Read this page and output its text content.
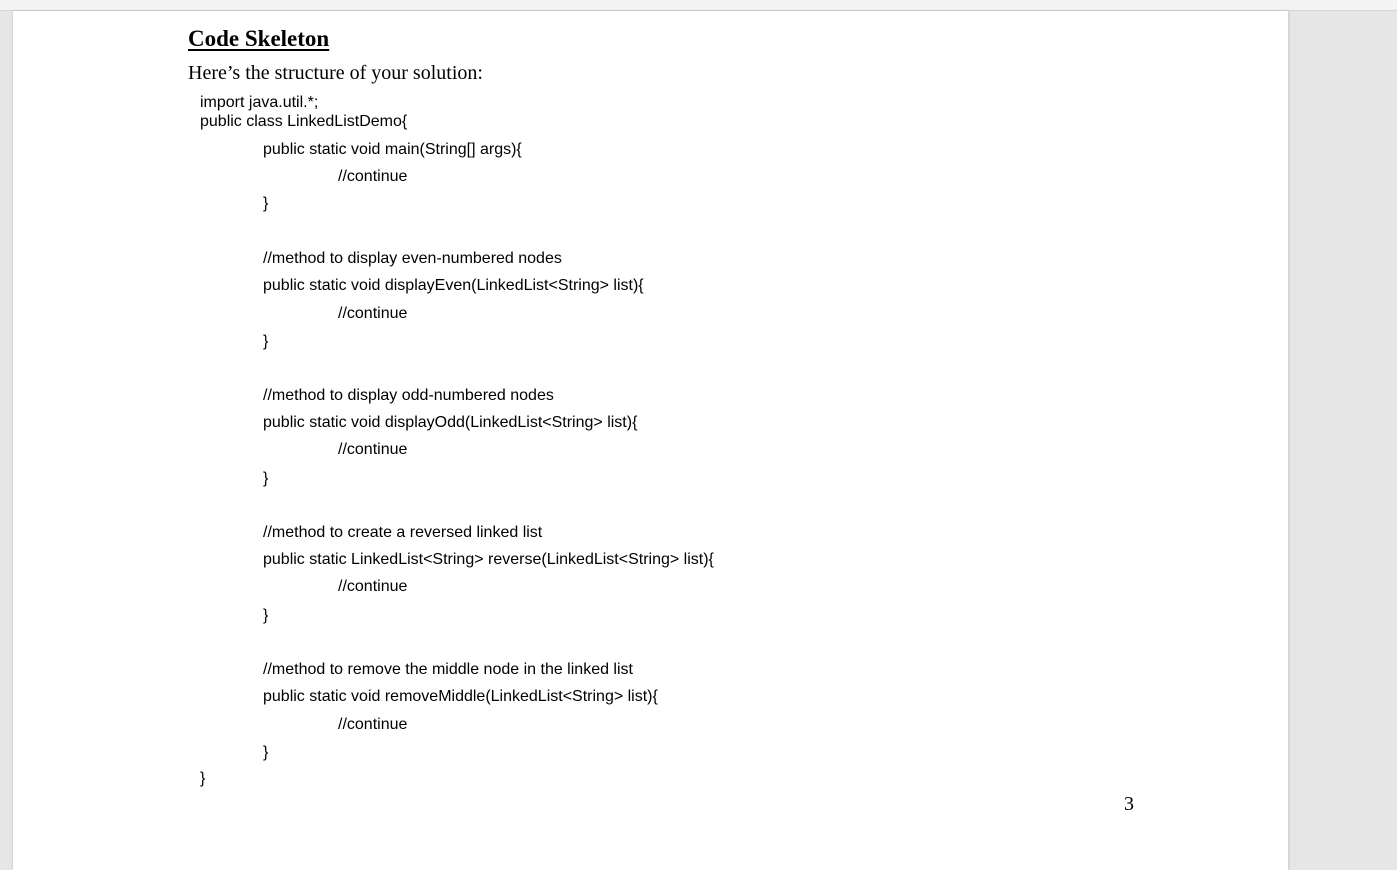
Code Skeleton

Here’s the structure of your solution:

import java.util.*;

public class LinkedListDemo{

public static void main(String[] args){

//continue

}

//method to display even-numbered nodes

public static void displayEven(LinkedList<String> list){

//continue

}

//method to display odd-numbered nodes

public static void displayOdd(LinkedList<String> list){

//continue

}

//method to create a reversed linked list

public static LinkedList<String> reverse(LinkedList<String> list){

//continue

}

//method to remove the middle node in the linked list

public static void removeMiddle(LinkedList<String> list){

//continue

}

}

3
